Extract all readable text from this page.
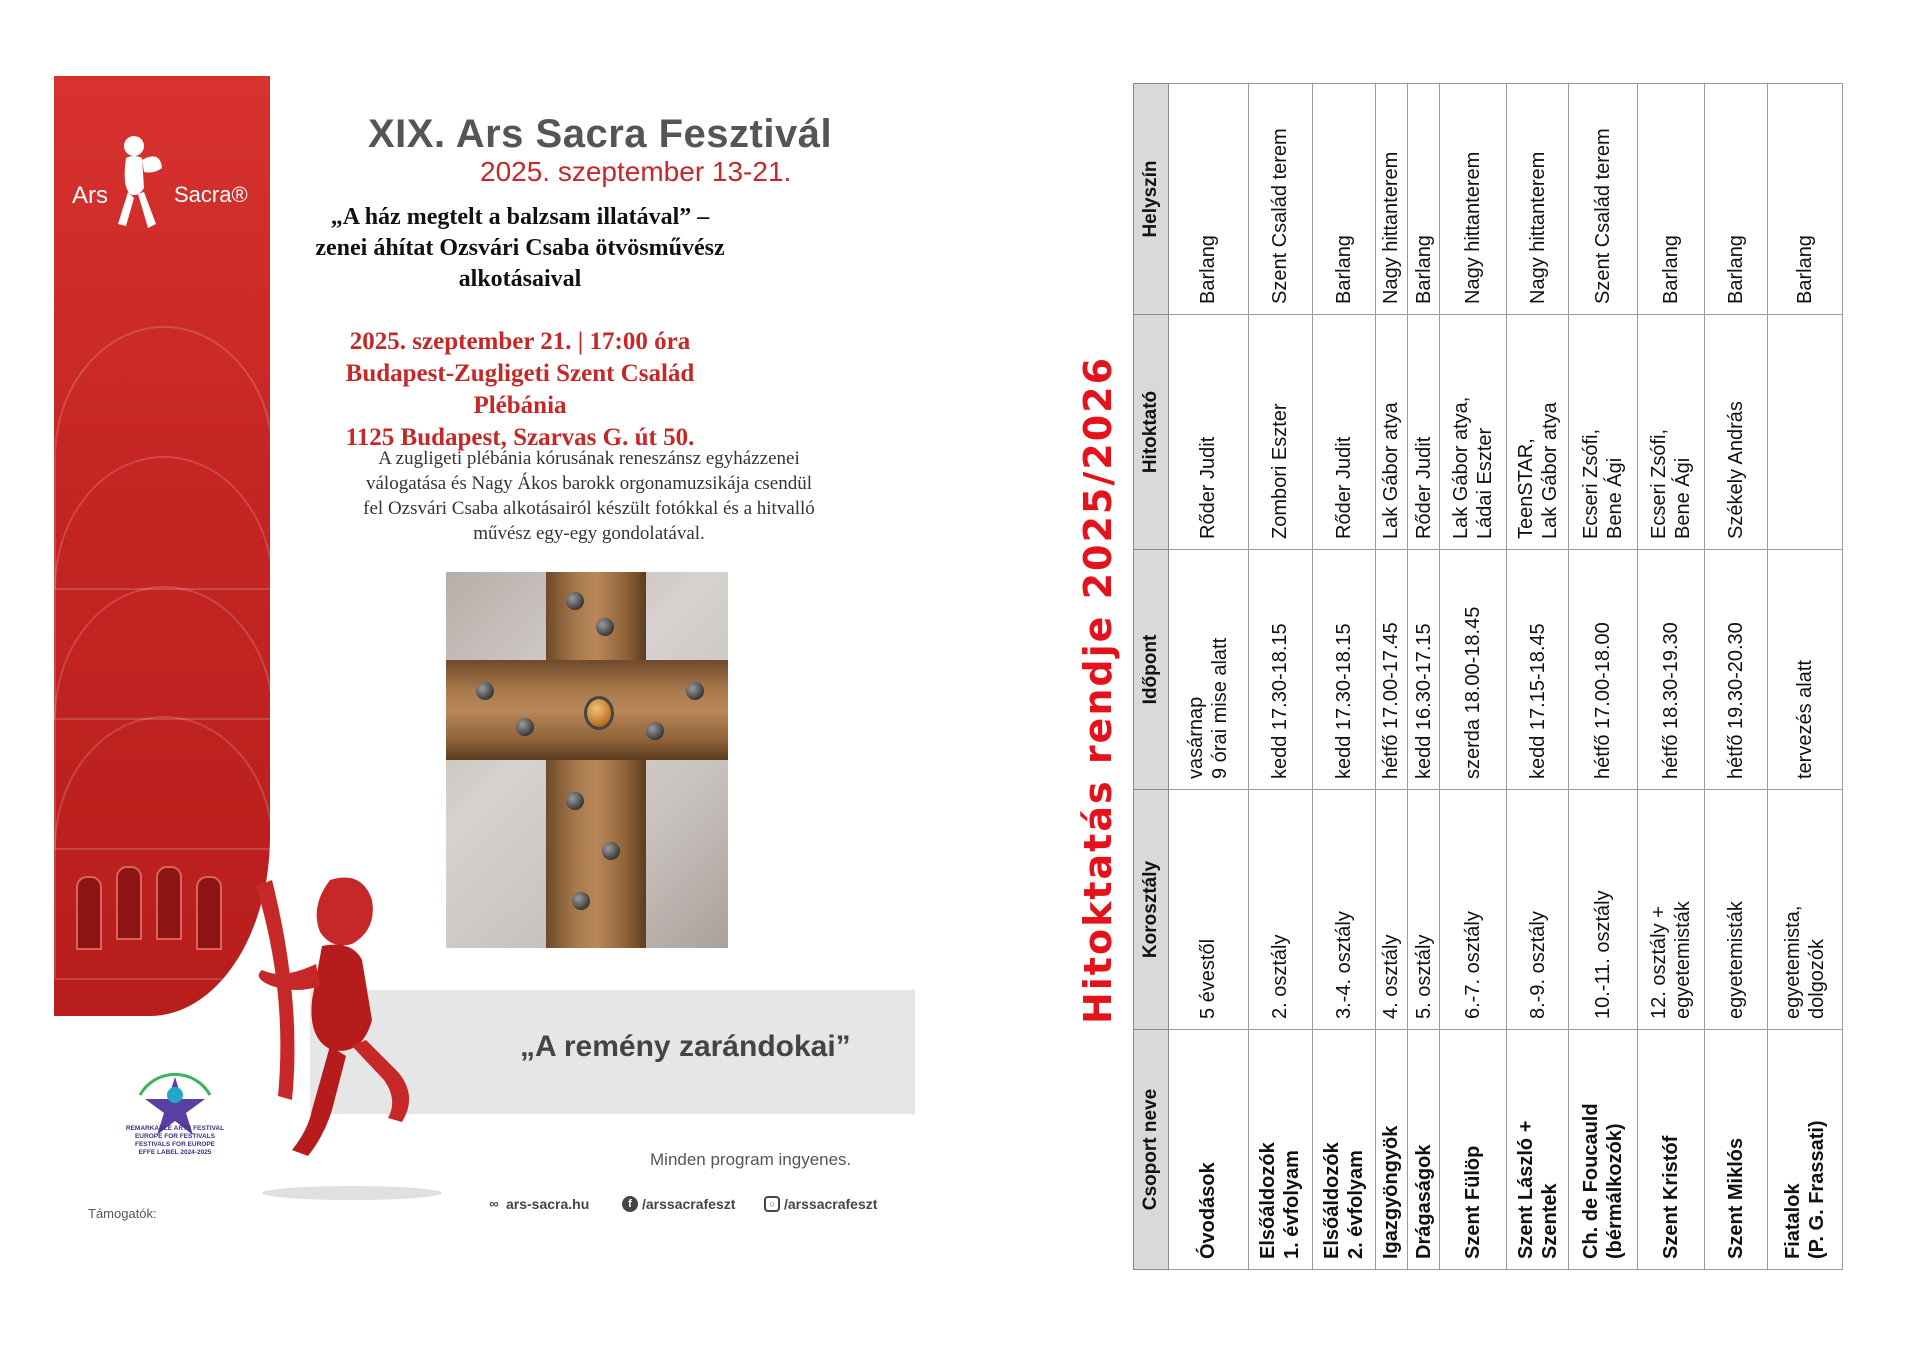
Ars	Sacra®
XIX. Ars Sacra Fesztivál
2025. szeptember 13-21.
„A ház megtelt a balzsam illatával” –
zenei áhítat Ozsvári Csaba ötvösművész
alkotásaival
2025. szeptember 21. | 17:00 óra
Budapest-Zugligeti Szent Család Plébánia
1125 Budapest, Szarvas G. út 50.
A zugligeti plébánia kórusának reneszánsz egyházzenei
válogatása és Nagy Ákos barokk orgonamuzsikája csendül
fel Ozsvári Csaba alkotásairól készült fotókkal és a hitvalló
művész egy-egy gondolatával.
„A remény zarándokai”
REMARKABLE ARTS FESTIVAL
EUROPE FOR FESTIVALS
FESTIVALS FOR EUROPE
EFFE LABEL 2024-2025	Minden program ingyenes.
Támogatók:
∞ ars-sacra.hu	f /arssacrafeszt	○ /arssacrafeszt
Hitoktatás rendje 2025/2026
Csoport neve	Korosztály	Időpont	Hitoktató	Helyszín

Óvodások	5 évestől	vasárnap 9 órai mise alatt	Rőder Judit	Barlang

Elsőáldozók 1. évfolyam	2. osztály	kedd 17.30-18.15	Zombori Eszter	Szent Család terem

Elsőáldozók 2. évfolyam	3.-4. osztály	kedd 17.30-18.15	Rőder Judit	Barlang

Igazgyöngyök	4. osztály	hétfő 17.00-17.45	Lak Gábor atya	Nagy hittanterem

Drágaságok	5. osztály	kedd 16.30-17.15	Rőder Judit	Barlang

Szent Fülöp	6.-7. osztály	szerda 18.00-18.45	Lak Gábor atya, Ládai Eszter	Nagy hittanterem

Szent László + Szentek	8.-9. osztály	kedd 17.15-18.45	TeenSTAR, Lak Gábor atya	Nagy hittanterem

Ch. de Foucauld (bérmálkozók)	10.-11. osztály	hétfő 17.00-18.00	Ecseri Zsófi, Bene Ági	Szent Család terem

Szent Kristóf	12. osztály + egyetemisták	hétfő 18.30-19.30	Ecseri Zsófi, Bene Ági	Barlang

Szent Miklós	egyetemisták	hétfő 19.30-20.30	Székely András	Barlang

Fiatalok (P. G. Frassati)	egyetemista, dolgozók	tervezés alatt		Barlang
